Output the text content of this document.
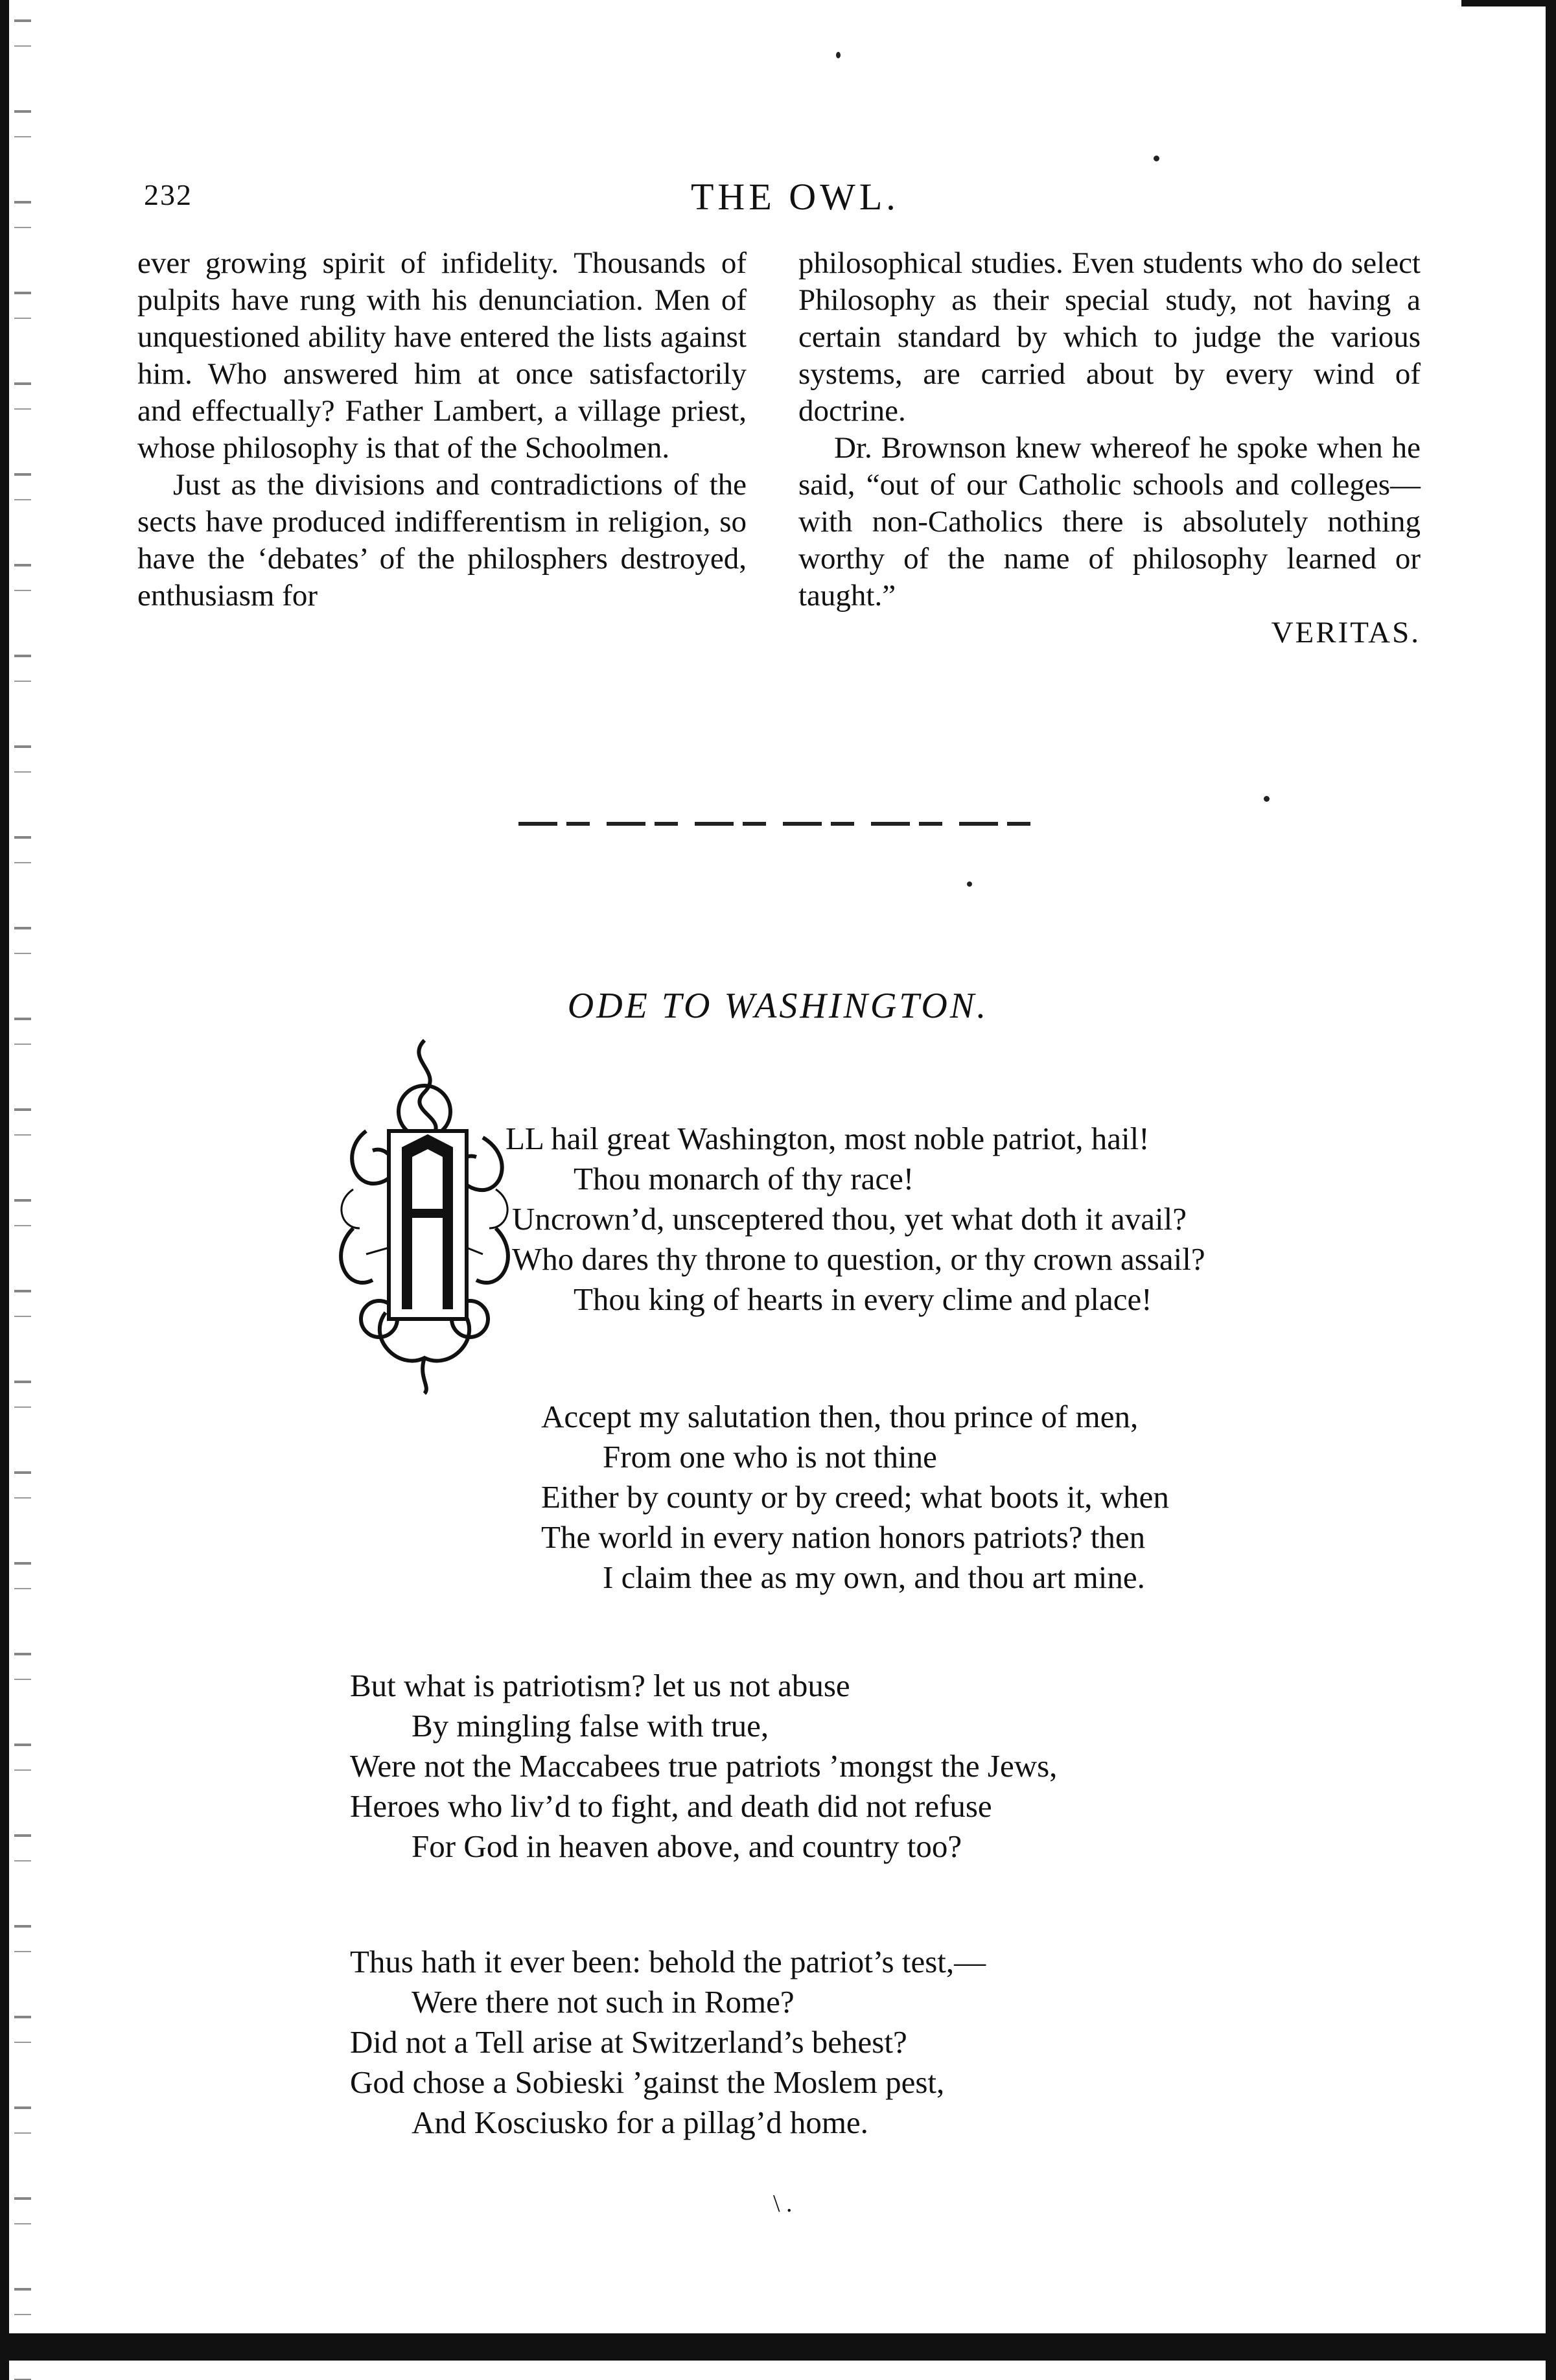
232	THE OWL.

ever growing spirit of infidelity. Thousands of pulpits have rung with his denunciation. Men of unquestioned ability have entered the lists against him. Who answered him at once satisfactorily and effectually? Father Lambert, a village priest, whose philosophy is that of the Schoolmen.

Just as the divisions and contradictions of the sects have produced indifferentism in religion, so have the ‘debates’ of the philosphers destroyed, enthusiasm for

philosophical studies. Even students who do select Philosophy as their special study, not having a certain standard by which to judge the various systems, are carried about by every wind of doctrine.

Dr. Brownson knew whereof he spoke when he said, “out of our Catholic schools and colleges—with non-Catholics there is absolutely nothing worthy of the name of philosophy learned or taught.”

VERITAS.

ODE TO WASHINGTON.
LL hail great Washington, most noble patriot, hail!
Thou monarch of thy race!
Uncrown’d, unsceptered thou, yet what doth it avail?
Who dares thy throne to question, or thy crown assail?
Thou king of hearts in every clime and place!
Accept my salutation then, thou prince of men,
From one who is not thine
Either by county or by creed; what boots it, when
The world in every nation honors patriots? then
I claim thee as my own, and thou art mine.
But what is patriotism? let us not abuse
By mingling false with true,
Were not the Maccabees true patriots ’mongst the Jews,
Heroes who liv’d to fight, and death did not refuse
For God in heaven above, and country too?
Thus hath it ever been: behold the patriot’s test,—
Were there not such in Rome?
Did not a Tell arise at Switzerland’s behest?
God chose a Sobieski ’gainst the Moslem pest,
And Kosciusko for a pillag’d home.
\ .
